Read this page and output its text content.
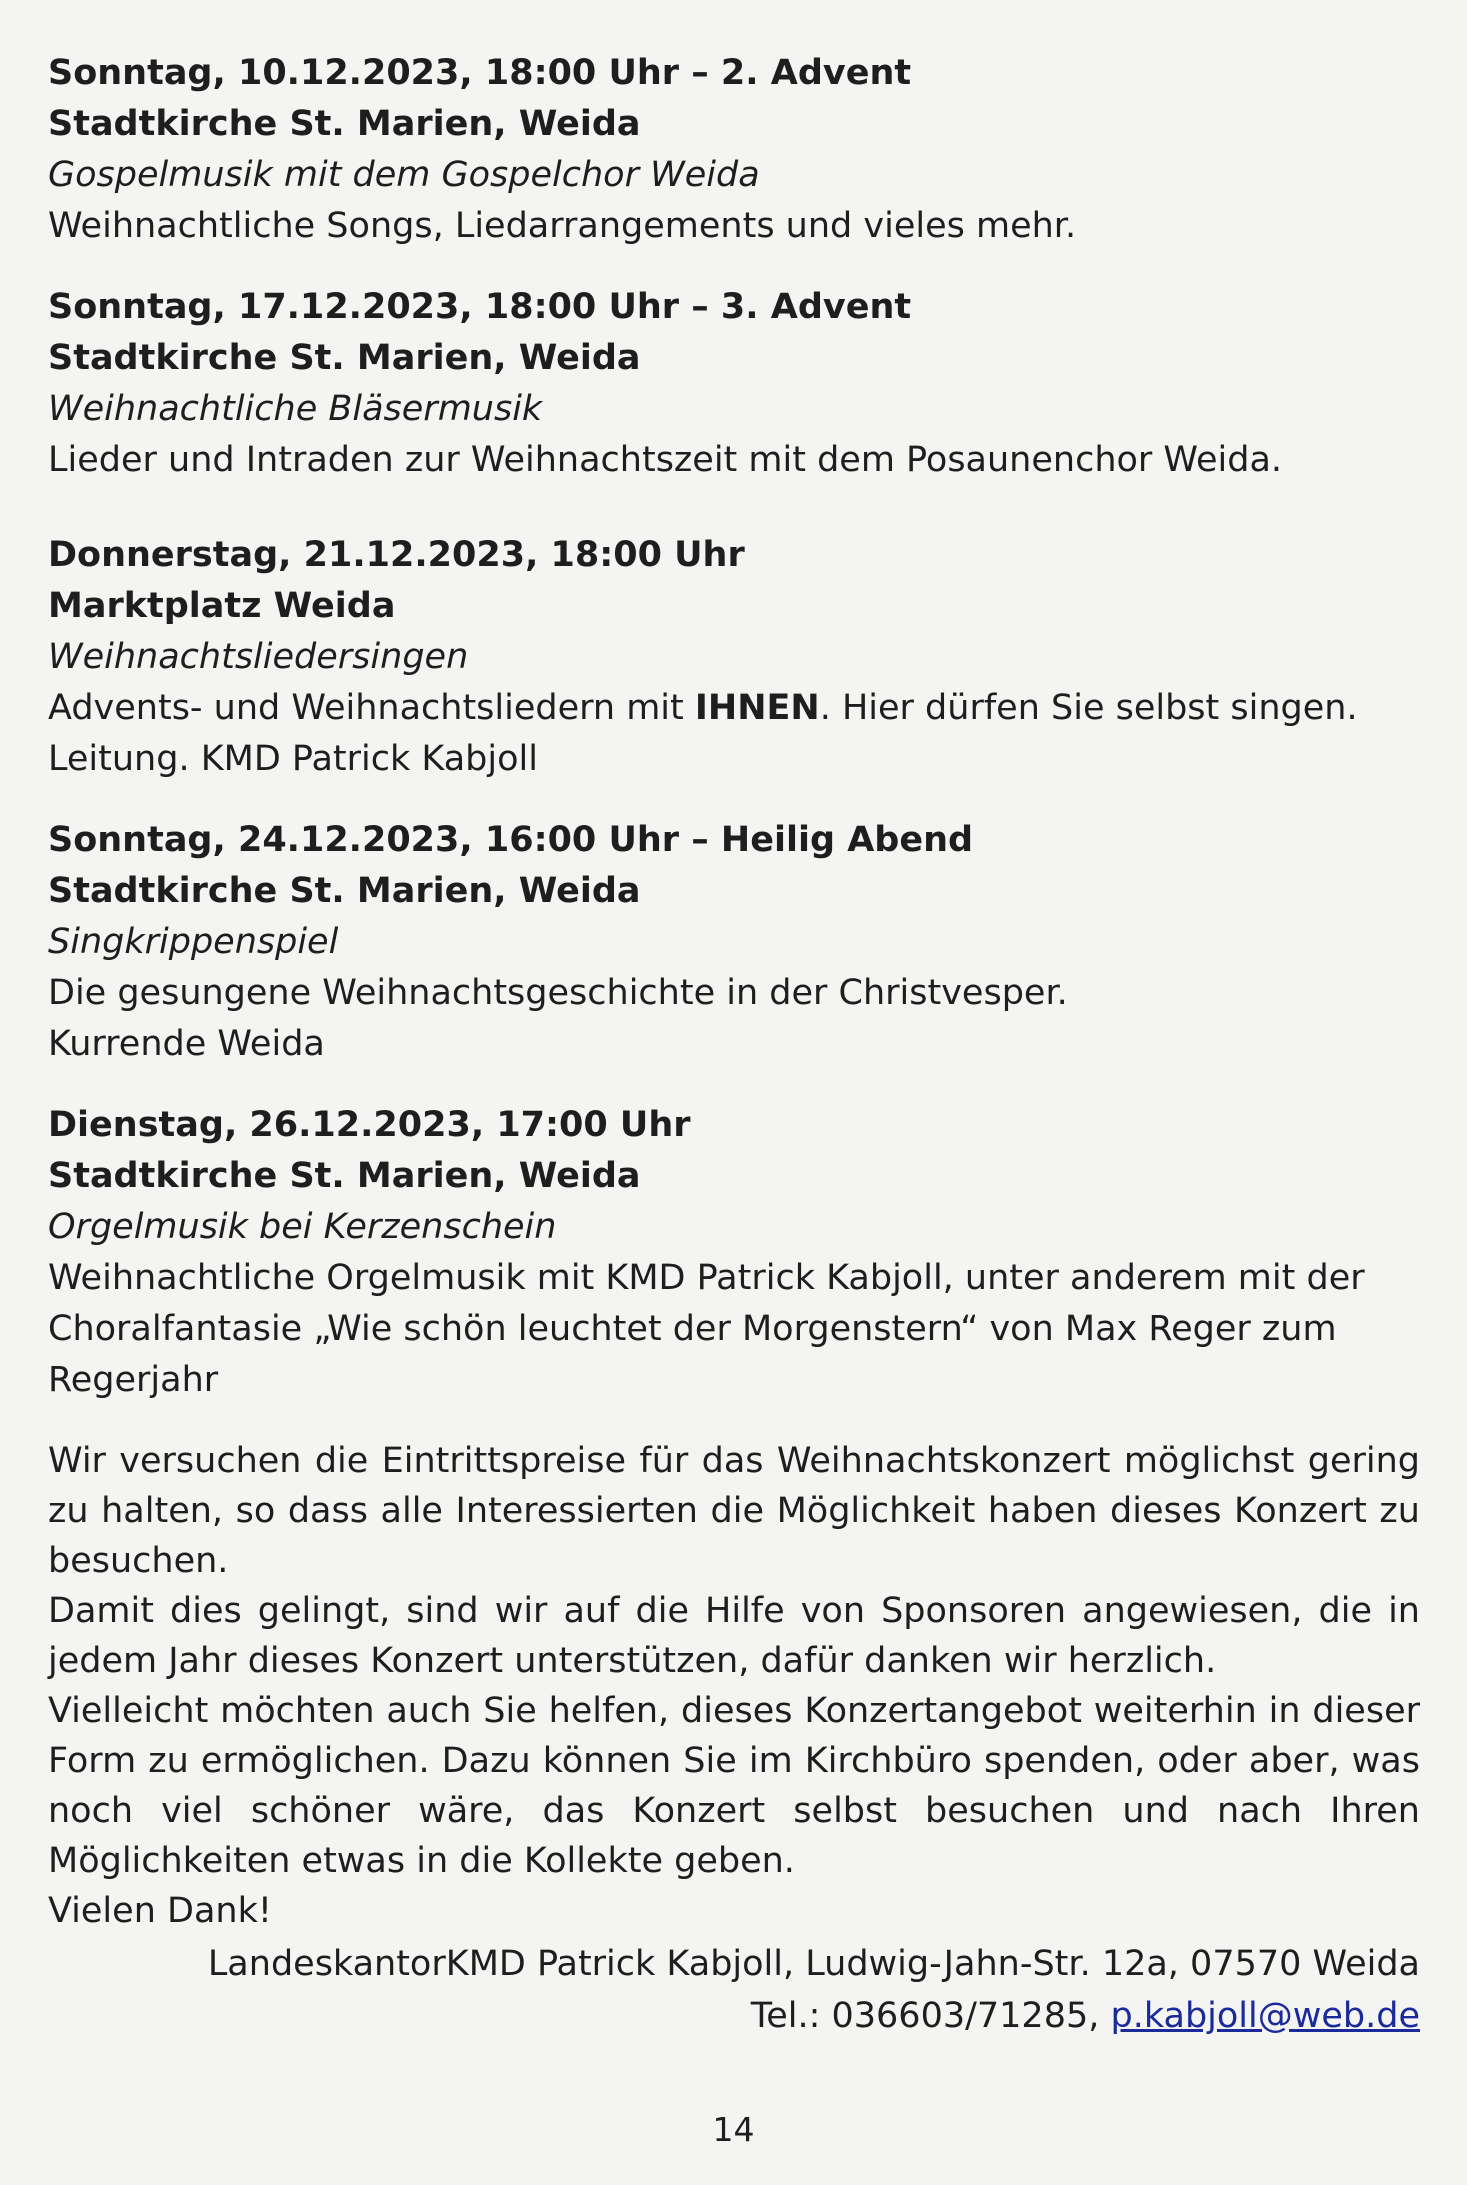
Sonntag, 10.12.2023, 18:00 Uhr – 2. Advent

Stadtkirche St. Marien, Weida

Gospelmusik mit dem Gospelchor Weida

Weihnachtliche Songs, Liedarrangements und vieles mehr.

Sonntag, 17.12.2023, 18:00 Uhr – 3. Advent

Stadtkirche St. Marien, Weida

Weihnachtliche Bläsermusik

Lieder und Intraden zur Weihnachtszeit mit dem Posaunenchor Weida.

Donnerstag, 21.12.2023, 18:00 Uhr

Marktplatz Weida

Weihnachtsliedersingen

Advents- und Weihnachtsliedern mit IHNEN. Hier dürfen Sie selbst singen.

Leitung. KMD Patrick Kabjoll

Sonntag, 24.12.2023, 16:00 Uhr – Heilig Abend

Stadtkirche St. Marien, Weida

Singkrippenspiel

Die gesungene Weihnachtsgeschichte in der Christvesper.

Kurrende Weida

Dienstag, 26.12.2023, 17:00 Uhr

Stadtkirche St. Marien, Weida

Orgelmusik bei Kerzenschein

Weihnachtliche Orgelmusik mit KMD Patrick Kabjoll, unter anderem mit der

Choralfantasie „Wie schön leuchtet der Morgenstern“ von Max Reger zum

Regerjahr

Wir versuchen die Eintrittspreise für das Weihnachtskonzert möglichst gering zu halten, so dass alle Interessierten die Möglichkeit haben dieses Konzert zu besuchen.

Damit dies gelingt, sind wir auf die Hilfe von Sponsoren angewiesen, die in jedem Jahr dieses Konzert unterstützen, dafür danken wir herzlich.

Vielleicht möchten auch Sie helfen, dieses Konzertangebot weiterhin in dieser Form zu ermöglichen. Dazu können Sie im Kirchbüro spenden, oder aber, was noch viel schöner wäre, das Konzert selbst besuchen und nach Ihren Möglichkeiten etwas in die Kollekte geben.

Vielen Dank!

LandeskantorKMD Patrick Kabjoll, Ludwig-Jahn-Str. 12a, 07570 Weida

Tel.: 036603/71285, p.kabjoll@web.de

14
